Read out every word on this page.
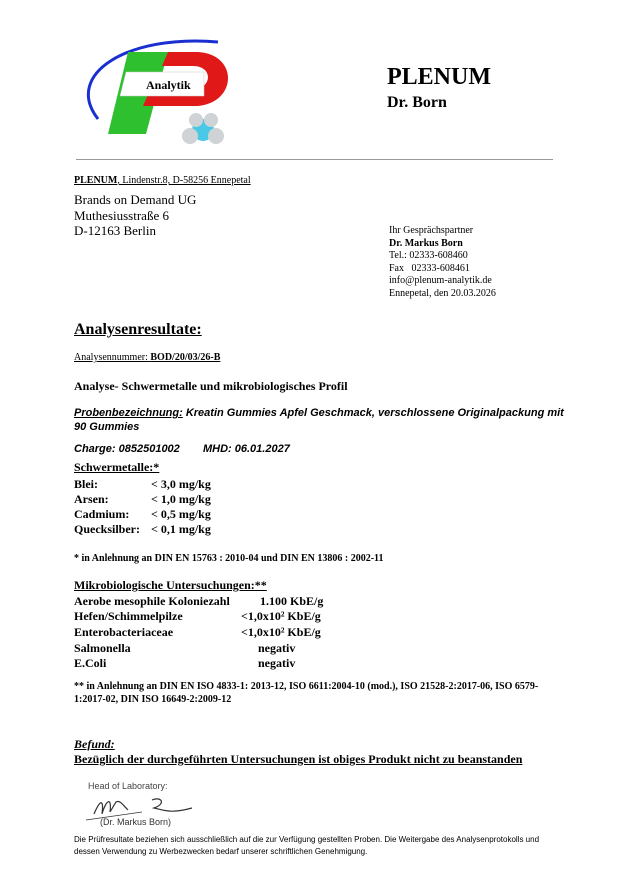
Analytik	PLENUM
Dr. Born
PLENUM, Lindenstr.8, D-58256 Ennepetal
Brands on Demand UG
Muthesiusstraße 6
D-12163 Berlin	Ihr Gesprächspartner
Dr. Markus Born
Tel.: 02333-608460
Fax   02333-608461
info@plenum-analytik.de
Ennepetal, den 20.03.2026
Analysenresultate:
Analysennummer: BOD/20/03/26-B
Analyse- Schwermetalle und mikrobiologisches Profil
Probenbezeichnung: Kreatin Gummies Apfel Geschmack, verschlossene Originalpackung mit 90 Gummies
Charge: 0852501002 MHD: 06.01.2027
Schwermetalle:*
Blei:	< 3,0 mg/kg
Arsen:	< 1,0 mg/kg
Cadmium: < 0,5 mg/kg
Quecksilber: < 0,1 mg/kg
* in Anlehnung an DIN EN 15763 : 2010-04 und DIN EN 13806 : 2002-11
Mikrobiologische Untersuchungen:**
Aerobe mesophile Koloniezahl	1.100 KbE/g
Hefen/Schimmelpilze	<1,0x10² KbE/g
Enterobacteriaceae	<1,0x10² KbE/g
Salmonella	negativ
E.Coli	negativ
** in Anlehnung an DIN EN ISO 4833-1: 2013-12, ISO 6611:2004-10 (mod.), ISO 21528-2:2017-06, ISO 6579-1:2017-02, DIN ISO 16649-2:2009-12
Befund:
Bezüglich der durchgeführten Untersuchungen ist obiges Produkt nicht zu beanstanden
Head of Laboratory:
(Dr. Markus Born)
Die Prüfresultate beziehen sich ausschließlich auf die zur Verfügung gestellten Proben. Die Weitergabe des Analysenprotokolls und dessen Verwendung zu Werbezwecken bedarf unserer schriftlichen Genehmigung.
